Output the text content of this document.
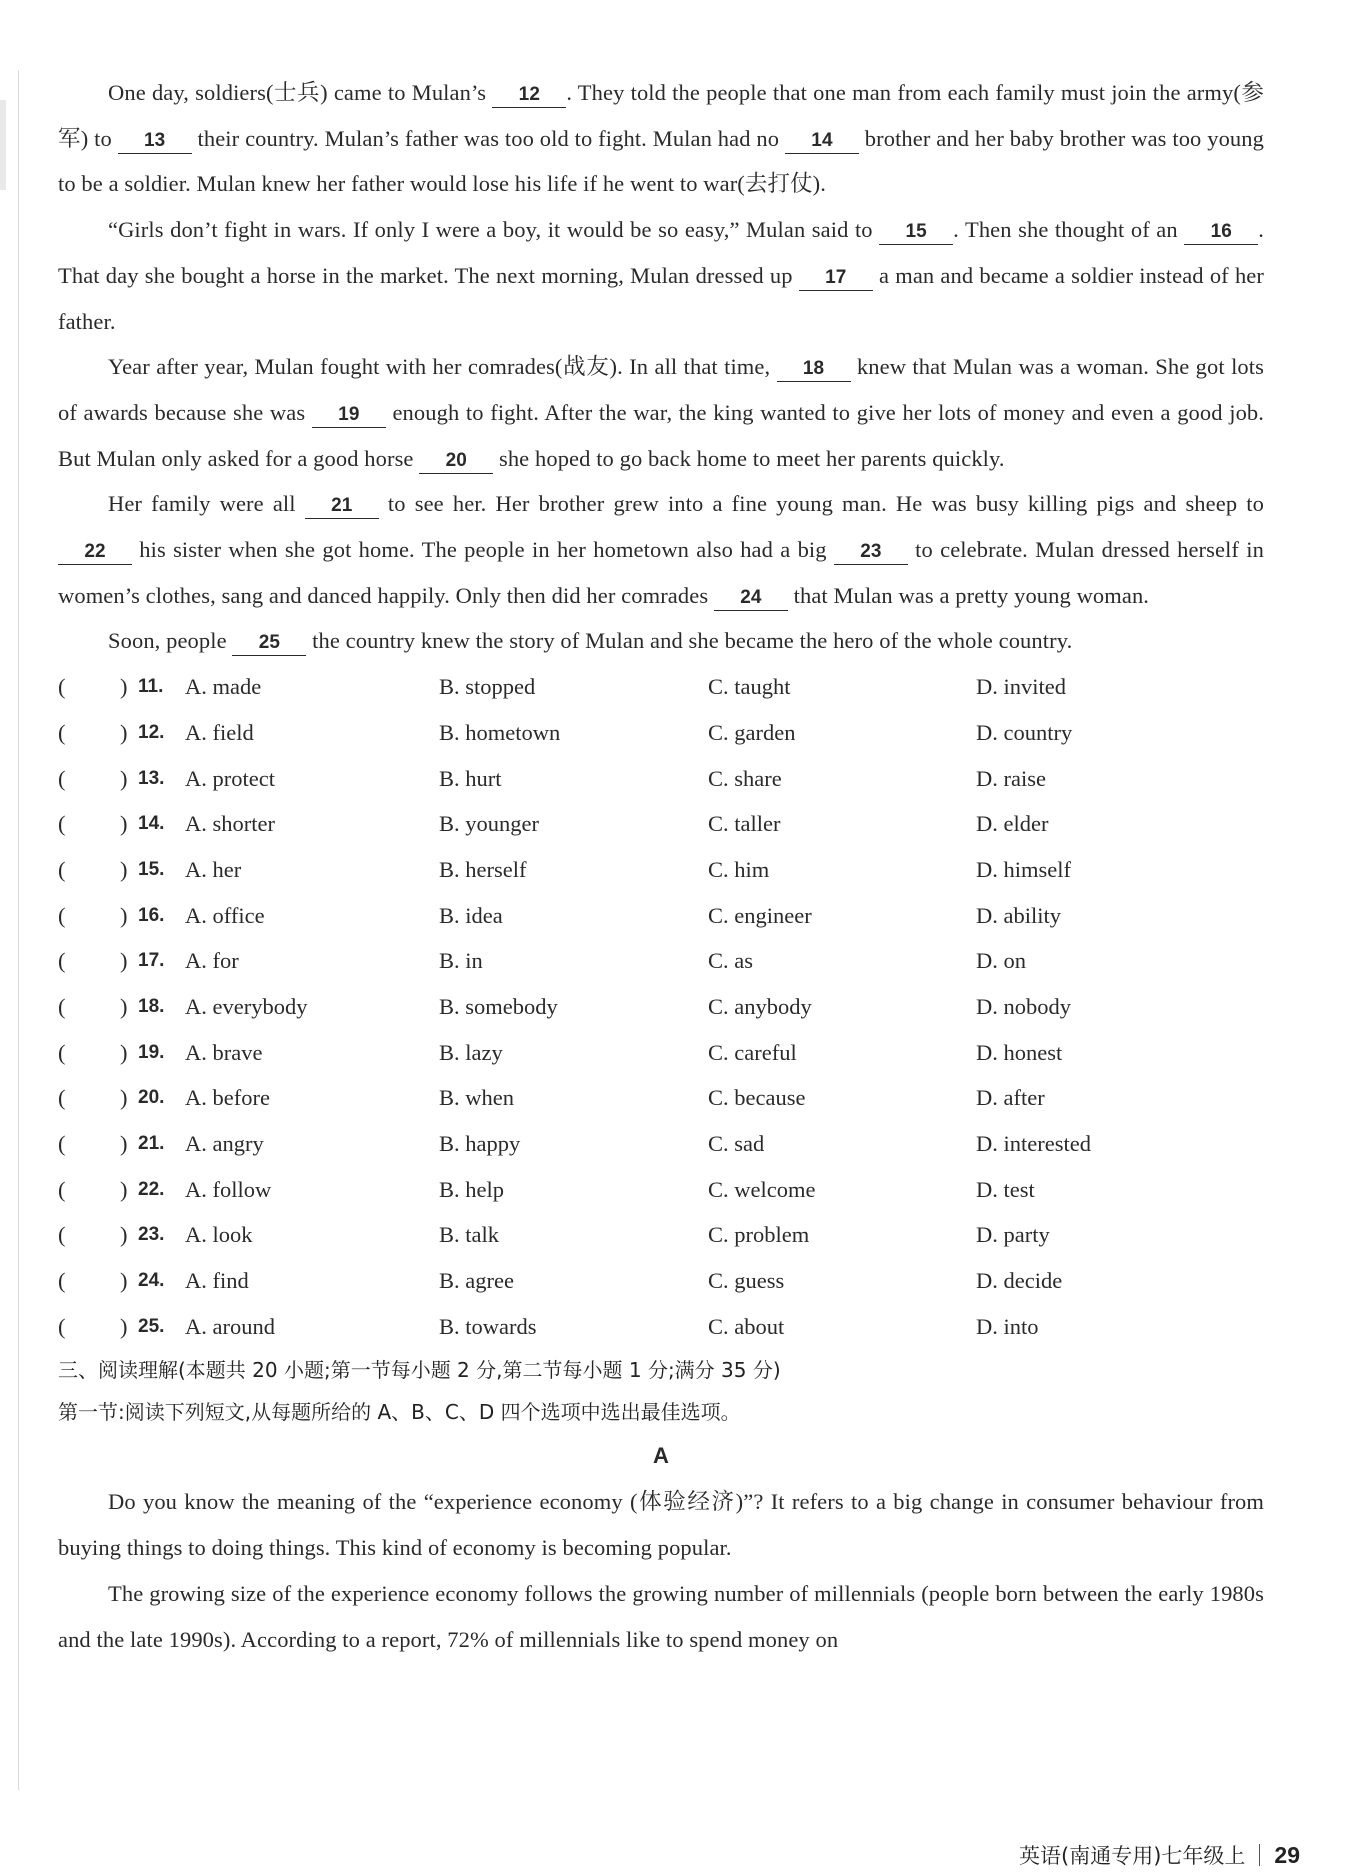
One day, soldiers(士兵) came to Mulan’s 12 . They told the people that one man from each family must join the army(参军) to 13 their country. Mulan’s father was too old to fight. Mulan had no 14 brother and her baby brother was too young to be a soldier. Mulan knew her father would lose his life if he went to war(去打仗).

“Girls don’t fight in wars. If only I were a boy, it would be so easy,” Mulan said to 15 . Then she thought of an 16 . That day she bought a horse in the market. The next morning, Mulan dressed up 17 a man and became a soldier instead of her father.

Year after year, Mulan fought with her comrades(战友). In all that time, 18 knew that Mulan was a woman. She got lots of awards because she was 19 enough to fight. After the war, the king wanted to give her lots of money and even a good job. But Mulan only asked for a good horse 20 she hoped to go back home to meet her parents quickly.

Her family were all 21 to see her. Her brother grew into a fine young man. He was busy killing pigs and sheep to 22 his sister when she got home. The people in her hometown also had a big 23 to celebrate. Mulan dressed herself in women’s clothes, sang and danced happily. Only then did her comrades 24 that Mulan was a pretty young woman.

Soon, people 25 the country knew the story of Mulan and she became the hero of the whole country.

( ) 11. A. made	B. stopped	C. taught	D. invited
( ) 12. A. field	B. hometown	C. garden	D. country
( ) 13. A. protect	B. hurt	C. share	D. raise
( ) 14. A. shorter	B. younger	C. taller	D. elder
( ) 15. A. her	B. herself	C. him	D. himself
( ) 16. A. office	B. idea	C. engineer	D. ability
( ) 17. A. for	B. in	C. as	D. on
( ) 18. A. everybody	B. somebody	C. anybody	D. nobody
( ) 19. A. brave	B. lazy	C. careful	D. honest
( ) 20. A. before	B. when	C. because	D. after
( ) 21. A. angry	B. happy	C. sad	D. interested
( ) 22. A. follow	B. help	C. welcome	D. test
( ) 23. A. look	B. talk	C. problem	D. party
( ) 24. A. find	B. agree	C. guess	D. decide
( ) 25. A. around	B. towards	C. about	D. into

三、阅读理解(本题共 20 小题;第一节每小题 2 分,第二节每小题 1 分;满分 35 分)

第一节:阅读下列短文,从每题所给的 A、B、C、D 四个选项中选出最佳选项。

A

Do you know the meaning of the “experience economy (体验经济)”? It refers to a big change in consumer behaviour from buying things to doing things. This kind of economy is becoming popular.

The growing size of the experience economy follows the growing number of millennials (people born between the early 1980s and the late 1990s). According to a report, 72% of millennials like to spend money on

英语(南通专用)七年级上 29
